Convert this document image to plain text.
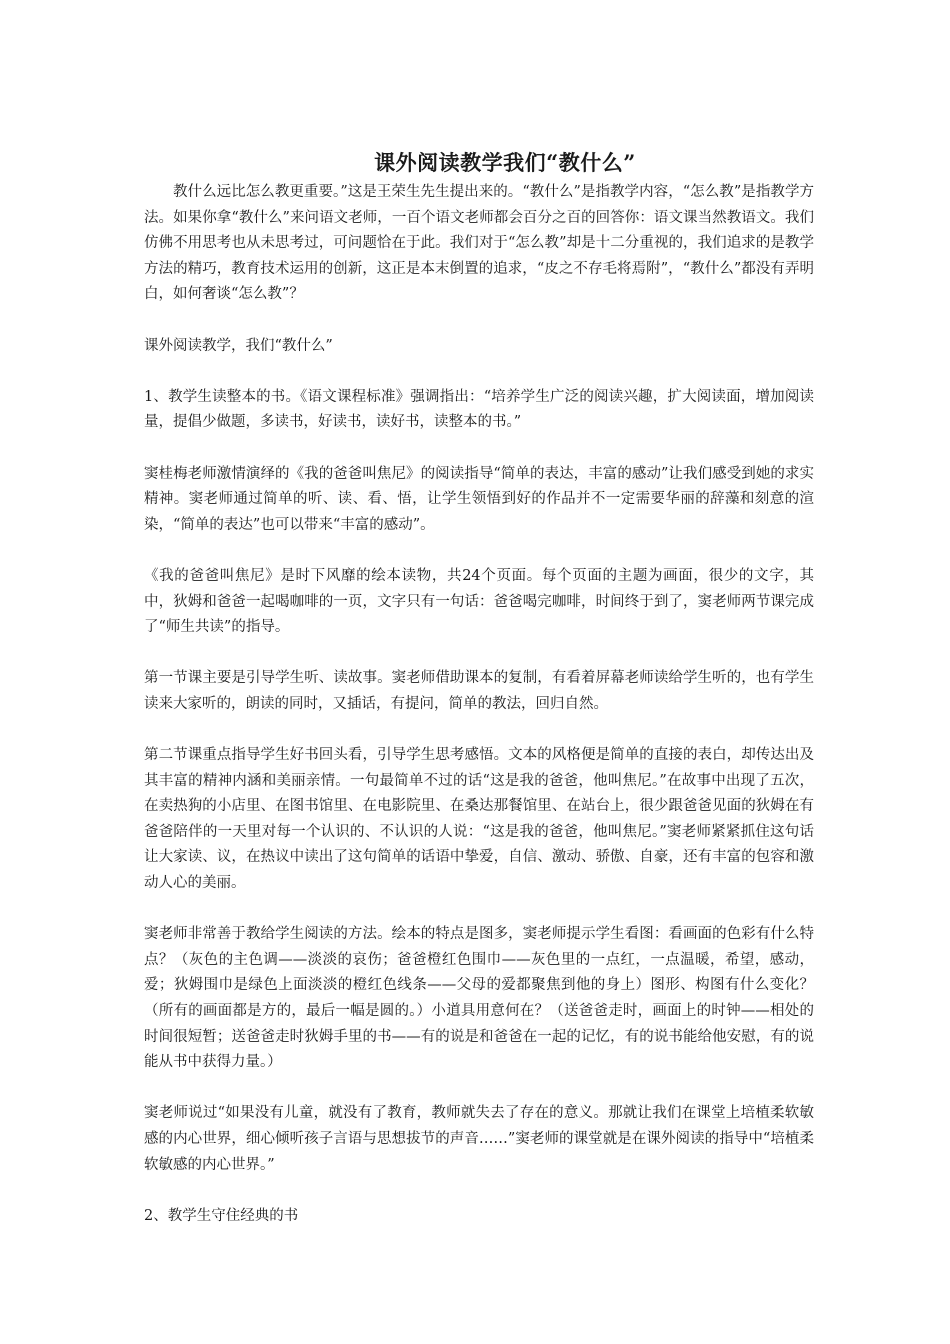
课外阅读教学我们“教什么”

教什么远比怎么教更重要。”这是王荣生先生提出来的。“教什么”是指教学内容，“怎么教”是指教学方法。如果你拿“教什么”来问语文老师，一百个语文老师都会百分之百的回答你：语文课当然教语文。我们仿佛不用思考也从未思考过，可问题恰在于此。我们对于“怎么教”却是十二分重视的，我们追求的是教学方法的精巧，教育技术运用的创新，这正是本末倒置的追求，“皮之不存毛将焉附”，“教什么”都没有弄明白，如何奢谈“怎么教”？

课外阅读教学，我们“教什么”

1、教学生读整本的书。《语文课程标准》强调指出：“培养学生广泛的阅读兴趣，扩大阅读面，增加阅读量，提倡少做题，多读书，好读书，读好书，读整本的书。”

窦桂梅老师激情演绎的《我的爸爸叫焦尼》的阅读指导“简单的表达，丰富的感动”让我们感受到她的求实精神。窦老师通过简单的听、读、看、悟，让学生领悟到好的作品并不一定需要华丽的辞藻和刻意的渲染，“简单的表达”也可以带来“丰富的感动”。

《我的爸爸叫焦尼》是时下风靡的绘本读物，共24个页面。每个页面的主题为画面，很少的文字，其中，狄姆和爸爸一起喝咖啡的一页，文字只有一句话：爸爸喝完咖啡，时间终于到了，窦老师两节课完成了“师生共读”的指导。

第一节课主要是引导学生听、读故事。窦老师借助课本的复制，有看着屏幕老师读给学生听的，也有学生读来大家听的，朗读的同时，又插话，有提问，简单的教法，回归自然。

第二节课重点指导学生好书回头看，引导学生思考感悟。文本的风格便是简单的直接的表白，却传达出及其丰富的精神内涵和美丽亲情。一句最简单不过的话“这是我的爸爸，他叫焦尼。”在故事中出现了五次，在卖热狗的小店里、在图书馆里、在电影院里、在桑达那餐馆里、在站台上，很少跟爸爸见面的狄姆在有爸爸陪伴的一天里对每一个认识的、不认识的人说：“这是我的爸爸，他叫焦尼。”窦老师紧紧抓住这句话让大家读、议，在热议中读出了这句简单的话语中挚爱，自信、激动、骄傲、自豪，还有丰富的包容和激动人心的美丽。

窦老师非常善于教给学生阅读的方法。绘本的特点是图多，窦老师提示学生看图：看画面的色彩有什么特点？（灰色的主色调——淡淡的哀伤；爸爸橙红色围巾——灰色里的一点红，一点温暖，希望，感动，爱；狄姆围巾是绿色上面淡淡的橙红色线条——父母的爱都聚焦到他的身上）图形、构图有什么变化？（所有的画面都是方的，最后一幅是圆的。）小道具用意何在？（送爸爸走时，画面上的时钟——相处的时间很短暂；送爸爸走时狄姆手里的书——有的说是和爸爸在一起的记忆，有的说书能给他安慰，有的说能从书中获得力量。）

窦老师说过“如果没有儿童，就没有了教育，教师就失去了存在的意义。那就让我们在课堂上培植柔软敏感的内心世界，细心倾听孩子言语与思想拔节的声音……”窦老师的课堂就是在课外阅读的指导中“培植柔软敏感的内心世界。”

2、教学生守住经典的书
